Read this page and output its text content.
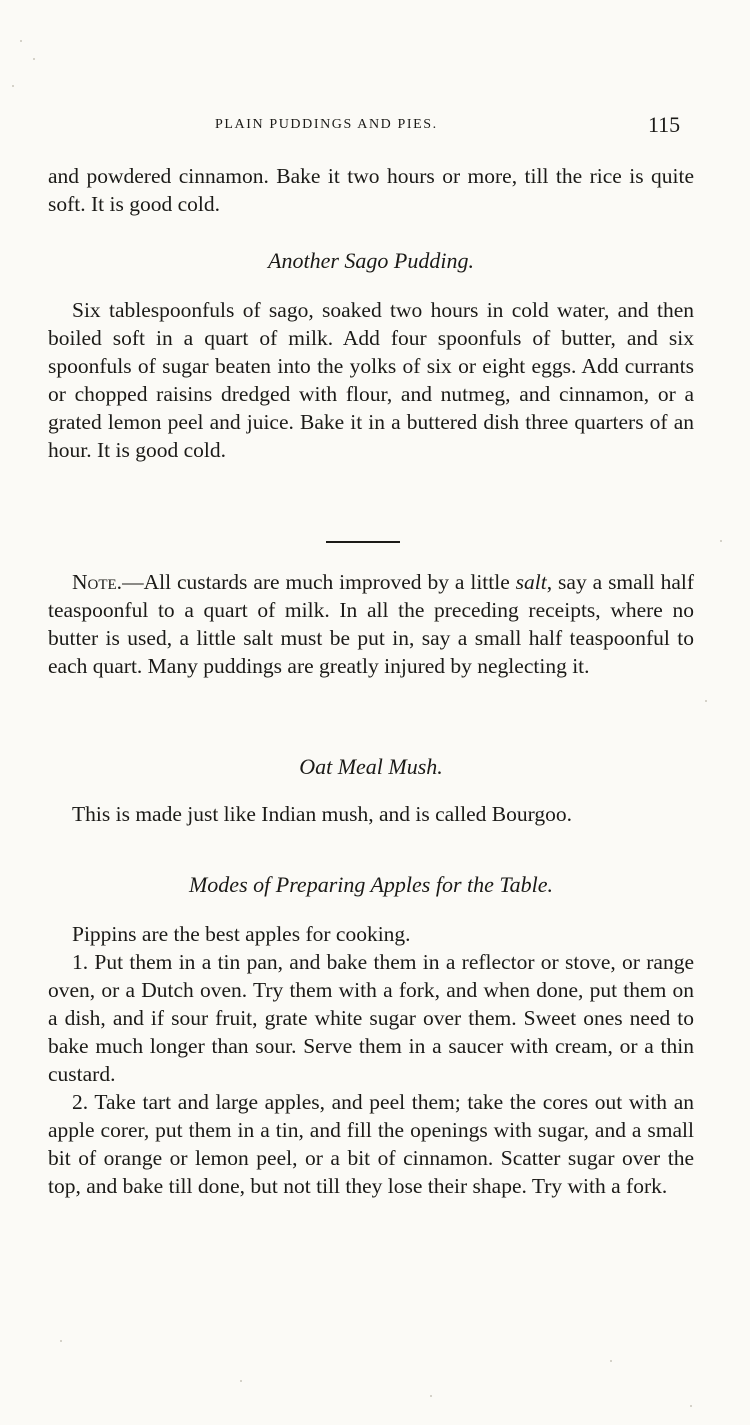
PLAIN PUDDINGS AND PIES.	115

and powdered cinnamon. Bake it two hours or more, till the rice is quite soft. It is good cold.

Another Sago Pudding.

Six tablespoonfuls of sago, soaked two hours in cold water, and then boiled soft in a quart of milk. Add four spoonfuls of butter, and six spoonfuls of sugar beaten into the yolks of six or eight eggs. Add currants or chopped raisins dredged with flour, and nutmeg, and cinnamon, or a grated lemon peel and juice. Bake it in a buttered dish three quarters of an hour. It is good cold.

Note.—All custards are much improved by a little salt, say a small half teaspoonful to a quart of milk. In all the preceding receipts, where no butter is used, a little salt must be put in, say a small half teaspoonful to each quart. Many puddings are greatly injured by neglecting it.

Oat Meal Mush.

This is made just like Indian mush, and is called Bourgoo.

Modes of Preparing Apples for the Table.

Pippins are the best apples for cooking.

1. Put them in a tin pan, and bake them in a reflector or stove, or range oven, or a Dutch oven. Try them with a fork, and when done, put them on a dish, and if sour fruit, grate white sugar over them. Sweet ones need to bake much longer than sour. Serve them in a saucer with cream, or a thin custard.

2. Take tart and large apples, and peel them; take the cores out with an apple corer, put them in a tin, and fill the openings with sugar, and a small bit of orange or lemon peel, or a bit of cinnamon. Scatter sugar over the top, and bake till done, but not till they lose their shape. Try with a fork.
